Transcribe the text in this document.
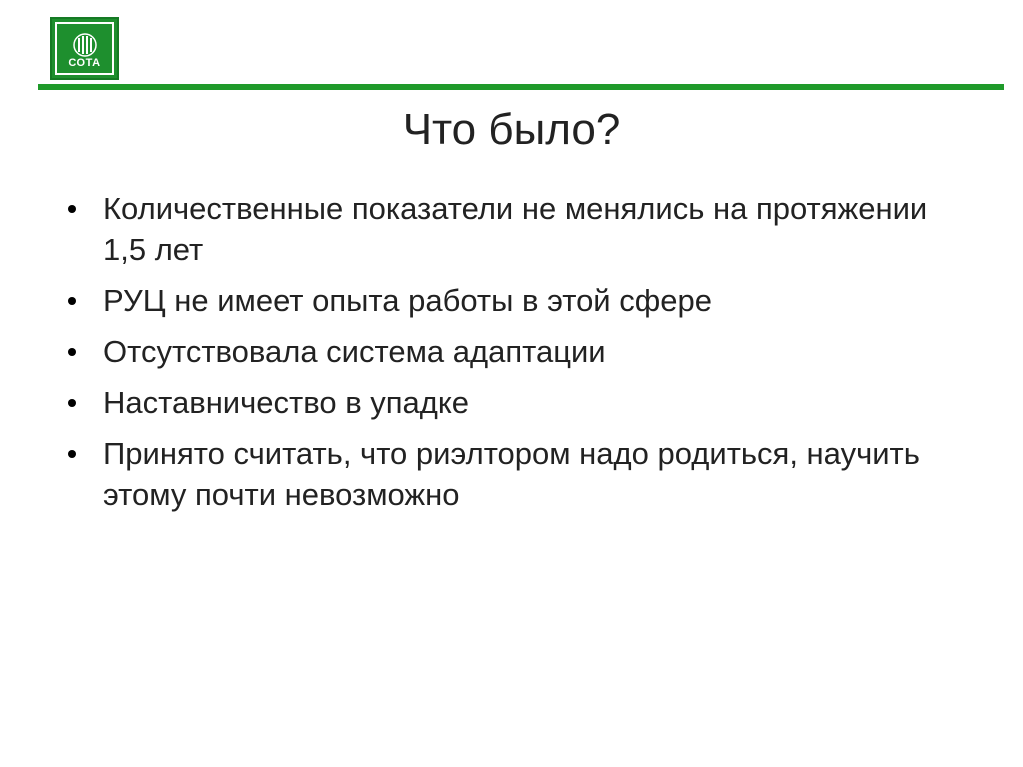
СОТА
Что было?
Количественные показатели не менялись на протяжении 1,5 лет
РУЦ не имеет опыта работы в этой сфере
Отсутствовала система адаптации
Наставничество в упадке
Принято считать, что риэлтором надо родиться, научить этому почти невозможно
